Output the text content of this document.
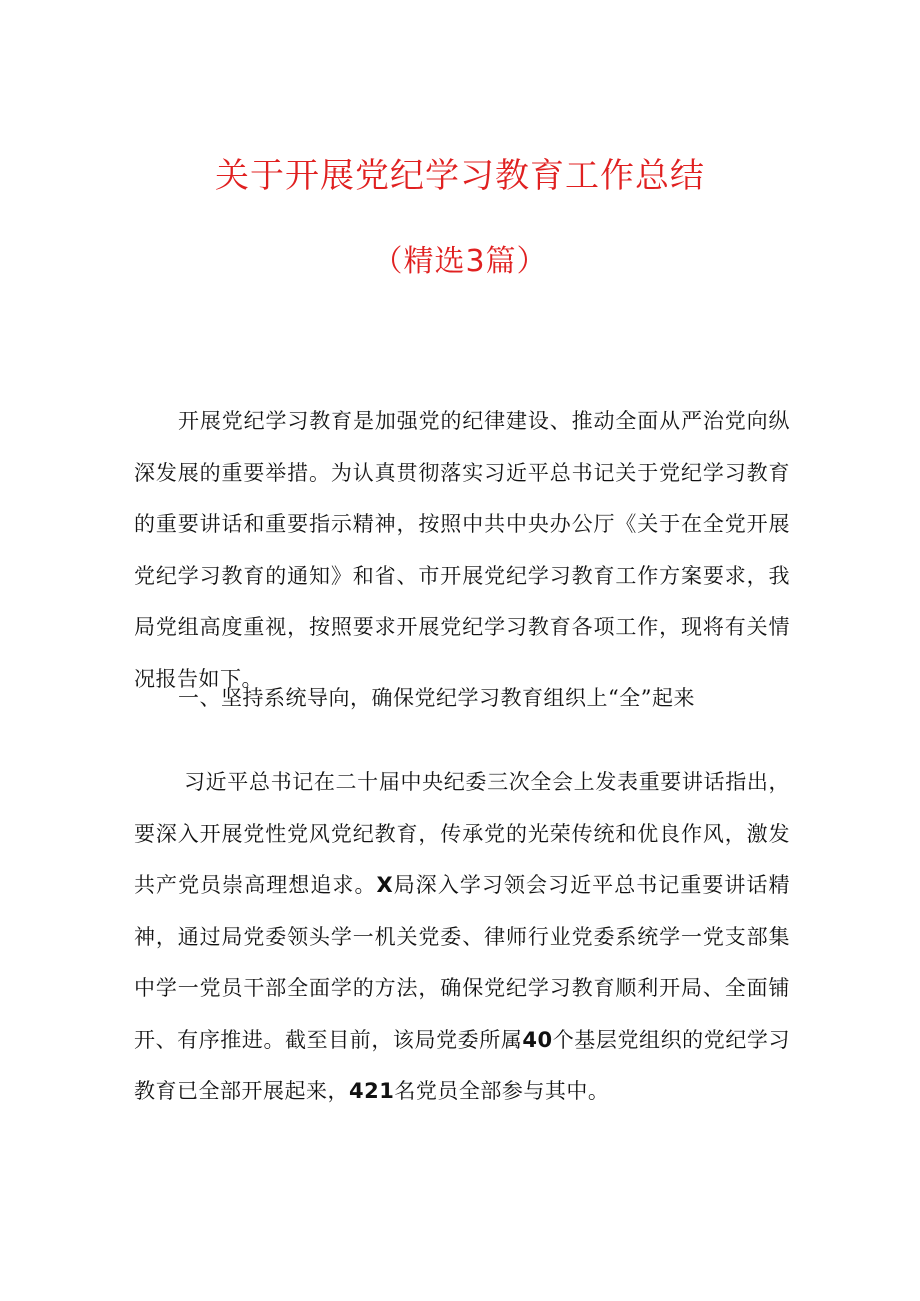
关于开展党纪学习教育工作总结
（精选3篇）

开展党纪学习教育是加强党的纪律建设、推动全面从严治党向纵深发展的重要举措。为认真贯彻落实习近平总书记关于党纪学习教育的重要讲话和重要指示精神，按照中共中央办公厅《关于在全党开展党纪学习教育的通知》和省、市开展党纪学习教育工作方案要求，我局党组高度重视，按照要求开展党纪学习教育各项工作，现将有关情况报告如下。

一、坚持系统导向，确保党纪学习教育组织上“全”起来

习近平总书记在二十届中央纪委三次全会上发表重要讲话指出，要深入开展党性党风党纪教育，传承党的光荣传统和优良作风，激发共产党员崇高理想追求。X局深入学习领会习近平总书记重要讲话精神，通过局党委领头学一机关党委、律师行业党委系统学一党支部集中学一党员干部全面学的方法，确保党纪学习教育顺利开局、全面铺开、有序推进。截至目前，该局党委所属40个基层党组织的党纪学习教育已全部开展起来，421名党员全部参与其中。
